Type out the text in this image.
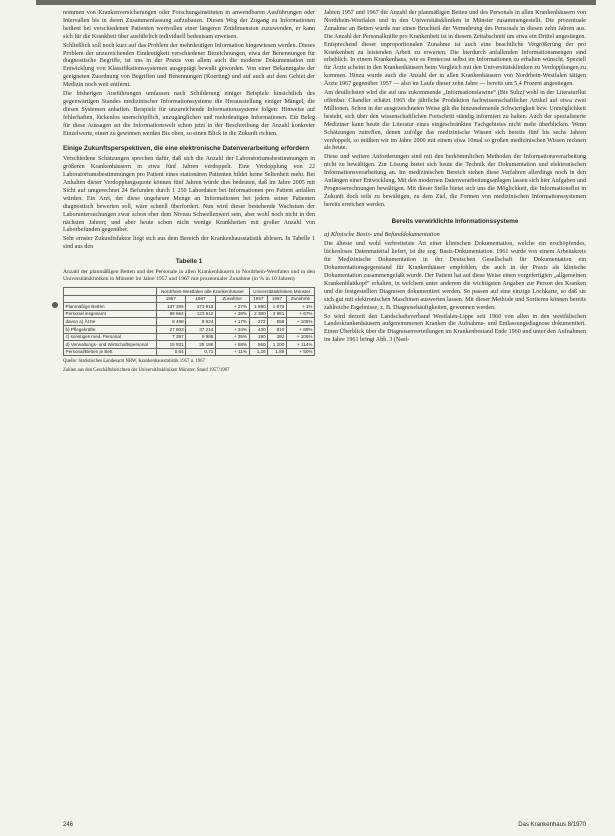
nommen von Krankenversicherungen oder Forschungsinstituten in anwendbaren Ausführungen oder Intervallen bis in deren Zusammenfassung aufzubauen. Diesen Weg der Zugang zu Informationen bedient bei verschiedenen Patienten wertvollen einer längeren Zeitdimension zuzuwenden, er kann sich für die Krankheit über ausführlich individuell bedeutsam erweisen.

Schließlich soll noch kurz auf das Problem der mehrdeutigen Information hingewiesen werden. Dieses Problem der unzureichenden Eindeutigkeit verschiedener Bezeichnungen, etwa der Benennungen für diagnostische Begriffe, ist uns in der Praxis von allem auch die moderne Dokumentation mit Entwicklung von Klassifikationssystemen ausgeprägt bewußt geworden. Von einer Bekanntgabe der geeigneten Zuordnung von Begriffen und Benennungen (Koerting) und auf auch auf dem Gebiet der Medizin noch weit entfernt.

Die bisherigen Ausführungen umfassen nach Schilderung einiger Beispiele hinsichtlich des gegenwärtigen Standes medizinischer Informationssysteme die Herausstellung einiger Mängel, die diesen Systemen anhaften. Beispiele für unzureichende Informationssysteme folgen: Hinweise auf fehlerhaften, lückenlos unerschöpflich, unzugänglichen und mehrdeutigen Informationen. Ein Beleg für diese Aussagen sei die Informationswelt schon jetzt in der Beschreibung der Anzahl konkreter Einzelwerte, einen zu gewinnen werden Bis oben, so einen Blick in die Zukunft richten.

Einige Zukunftsperspektiven, die eine elektronische Datenverarbeitung erfordern

Verschiedene Schätzungen sprechen dafür, daß sich die Anzahl der Laboratoriumsbestimmungen in größeren Krankenhäusern in etwa fünf Jahren verdoppelt. Eine Verdopplung von 22 Laboratoriumsbestimmungen pro Patient eines stationären Patienten bildet keine Seltenheit mehr. Bei Anhalten dieser Verdopplungsquote können fünf Jahren würde dies bedeuten, daß im Jahre 2005 mit Sicht auf umgerechnet 24 Befunden durch 1 250 Labordaten bei Informationen pro Patient anfallen würden. Ein Arzt, der diese ungeheure Menge an Informationen bei jedem seiner Patienten diagnostisch bewerten soll, wäre schnell überfordert. Nun wird dieser bestehende Wachstum der Laboruntersuchungen zwar schon eher dem Niveau Schwellenwert sein, aber wohl noch nicht in den nächsten Jahren; und aber heute schon nicht wenige Krankheiten mit großer Anzahl von Laborbefunden gegenüber.

Sehr ernster Zukunftsfaktor liegt sich aus dem Bereich der Krankenhausstatistik ablesen. In Tabelle 1 sind aus den

Tabelle 1
Anzahl der planmäßigen Betten und der Personale in allen Krankenhäusern in Nordrhein-Westfalen und in den Universitätskliniken in Münster im Jahre 1957 und 1967 mit prozentualer Zunahme (in % in 10 Jahren)
	Nordrhein-Westfalen alle Krankenhäuser			Universitätskliniken Münster		
	1957	1967	Zunahme	1957	1967	Zunahme
Planmäßige Betten	137 395	173 913	+ 27%	1 890	1 870	+ 1%
Personal insgesamt	89 664	123 912	+ 38%	2 380	3 981	+ 67%
davon a) Ärzte	8 498	9 924	+ 17%	272	558	+ 105%
b) Pflegekräfte	27 803	37 214	+ 34%	430	810	+ 88%
c) sonstiges med. Personal	7 397	9 986	+ 35%	190	392	+ 106%
d) Verwaltungs- und Wirtschaftspersonal	15 931	25 186	+ 58%	560	1 200	+ 114%
Personal/Betten je Bett	0,64	0,71	+ 11%	1,26	1,89	+ 50%
Quelle: Statistisches Landesamt NRW, Krankenhausstatistik 1957 u. 1967
Zahlen aus den Geschäftsberichten der Universitätskliniken Münster, Stand 1957/1967

Jahren 1957 und 1967 die Anzahl der planmäßigen Betten und des Personals in allen Krankenhäusern von Nordrhein-Westfalen und in den Universitätskliniken in Münster zusammengestellt. Die prozentuale Zunahme an Betten wurde nur einen Bruchteil der Vermehrung des Personals in diesen zehn Jahren aus. Die Anzahl der Personalkräfte pro Krankenbett ist in diesem Zeitabschnitt um etwa ein Drittel angestiegen. Entsprechend dieser unproportionalen Zunahme ist auch eine beachtliche Vergrößerung der pro Krankenbett zu leistenden Arbeit zu erwarten. Die hierdurch anfallenden Informationsmengen sind erheblich. In einem Krankenhaus, wie es Pentecost selbst im Informationen zu erhalten wünscht. Speziell für Ärzte scheint in den Krankenhäusern beim Vergleich mit den Universitätskliniken zu Verdopplungen zu kommen. Hinzu wurde auch die Anzahl der in allen Krankenhäusern von Nordrhein-Westfalen tätigen Ärzte 1967 gegenüber 1957 — also im Laufe dieser zehn Jahre — bereits um 5,4 Prozent angestiegen.

Am deutlichsten wird die auf uns zukommende „Informationslawine“ (Bis Sultz) wohl in der Literaturflut offenbar. Chandler schätzt 1965 die jährliche Produktion fachwissenschaftlicher Artikel auf etwa zwei Millionen. Schon in der ausgezeichneten Weise gilt die hinzunehmende Schwierigkeit bzw. Unmöglichkeit besteht, sich über den wissenschaftlichen Fortschritt ständig informiert zu halten. Auch der spezialisierte Mediziner kann heute die Literatur eines eingeschränkten Fachgebietes nicht mehr überblicken. Wenn Schätzungen zutreffen, denen zufolge das medizinische Wissen sich bereits fünf bis sechs Jahren verdoppelt, so müßten wir im Jahre 2000 mit einem etwa 10mal so großen medizinischen Wissen rechnen als heute.

Diese und weitere Anforderungen sind mit den herkömmlichen Methoden der Informationsverarbeitung nicht zu bewältigen. Zur Lösung bietet sich heute die Technik der Dokumentation und elektronischen Informationsverarbeitung an. Im medizinischen Bereich stehen diese Verfahren allerdings noch in den Anfängen einer Entwicklung. Mit den modernen Datenverarbeitungsanlagen lassen sich hier Aufgaben und Prognoserechnungen bewältigen. Mit dieser Stelle bietet sich uns die Möglichkeit, die Informationsflut in Zukunft doch teils zu bewältigen, zu dem Ziel, die Formen von medizinischen Informationssystemen bereits erreichen werden.

Bereits verwirklichte Informationssysteme
a) Klinische Basis- und Befunddokumentation

Die älteste und wohl verbreitetste Art einer klinischen Dokumentation, welche ein erschöpfendes, lückenloses Datenmaterial liefert, ist die sog. Basis-Dokumentation. 1961 wurde von einem Arbeitskreis für Medizinische Dokumentation in der Deutschen Gesellschaft für Dokumentation ein Dokumentationsgegenstand für Krankenhäuser empfohlen, die auch in der Praxis als klinische Dokumentation zusammengefaßt wurde. Der Patient hat auf diese Weise einen vorgefertigten „allgemeinen Krankenblattkopf“ erhalten, in welchem unter anderem die wichtigsten Angaben zur Person des Kranken und die festgestellten Diagnosen dokumentiert werden. So passen auf eine einzige Lochkarte, so daß sie sich gut mit elektronischen Maschinen auswerten lassen. Mit dieser Methode und Sortieren können bereits zahlreiche Ergebnisse, z. B. Diagnosehäufigkeiten, gewonnen werden.

So wird derzeit den Landschaftsverband Westfalen-Lippe seit 1960 von allen in den westfälischen Landeskrankenhäusern aufgenommenen Kranken die Aufnahme- und Entlassungsdiagnose dokumentiert. Einen Überblick über die Diagnosenverteilungen im Krankenbestand Ende 1960 und unter den Aufnahmen im Jahre 1961 bringt Abb. 3 (Neel-

246	Das Krankenhaus 8/1970
